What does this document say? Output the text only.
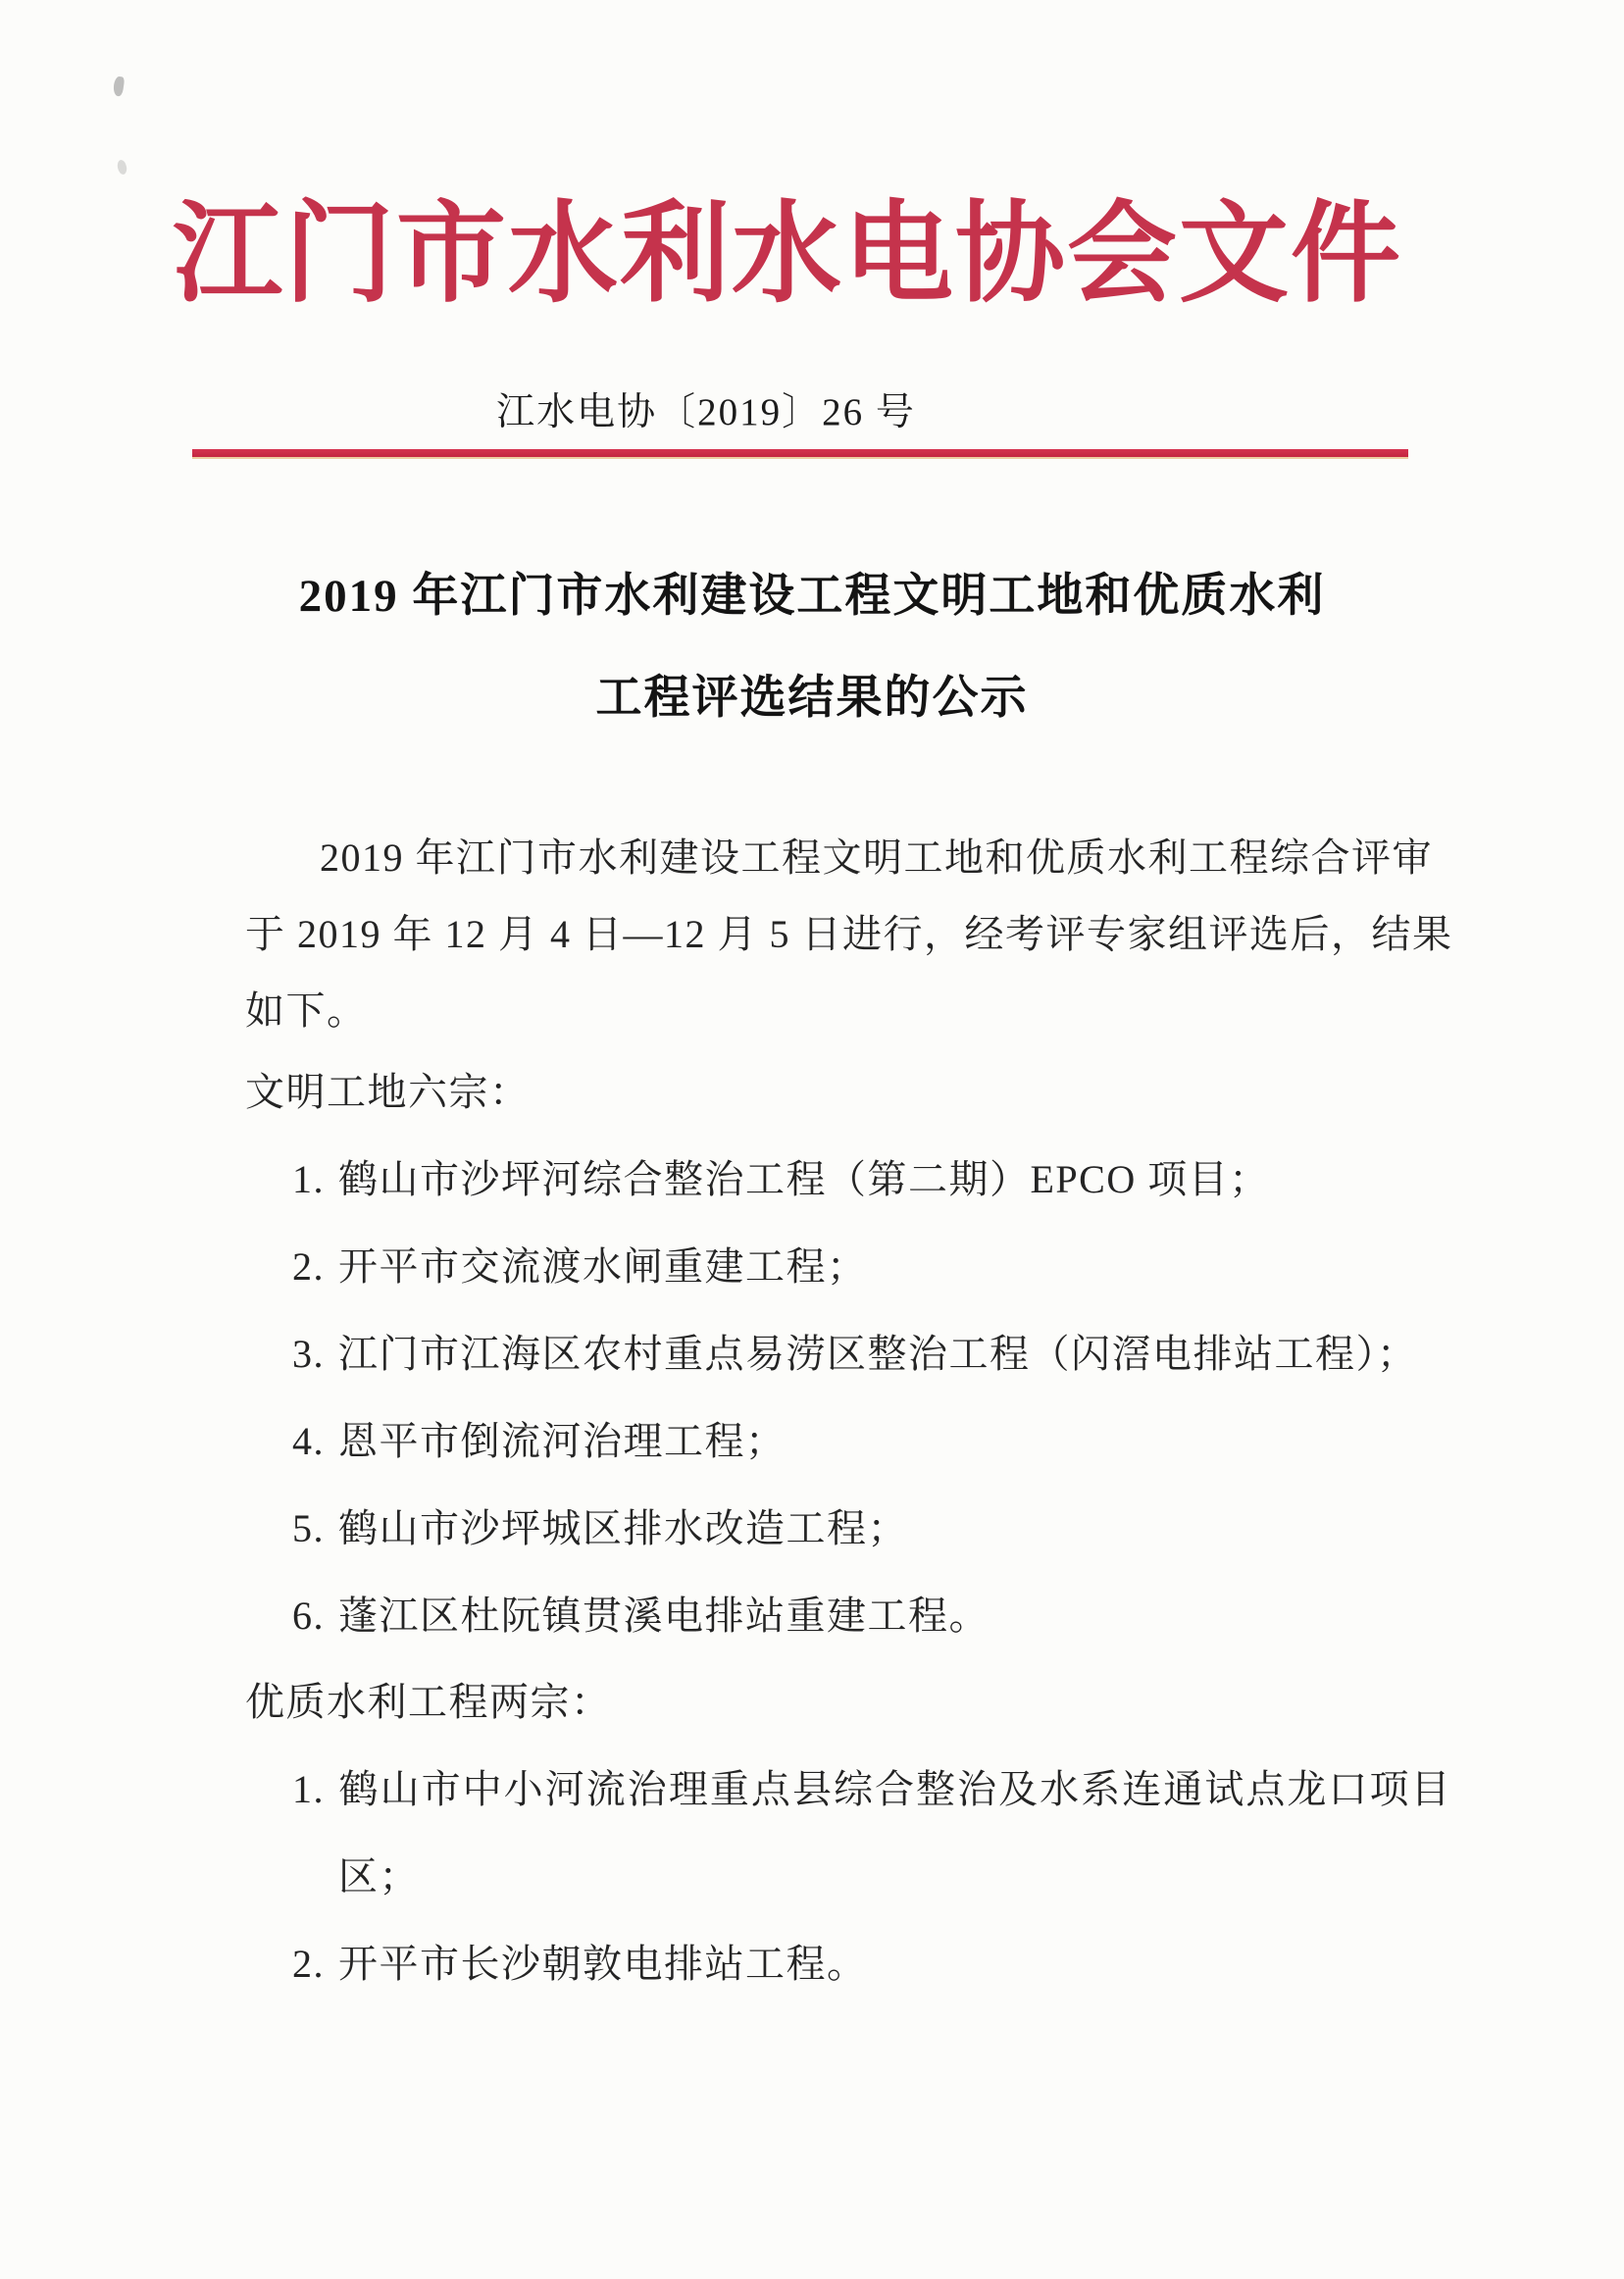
江门市水利水电协会文件
江水电协〔2019〕26 号
2019 年江门市水利建设工程文明工地和优质水利
工程评选结果的公示
2019 年江门市水利建设工程文明工地和优质水利工程综合评审
于 2019 年 12 月 4 日—12 月 5 日进行，经考评专家组评选后，结果
如下。
文明工地六宗：
1. 鹤山市沙坪河综合整治工程（第二期）EPCO 项目；
2. 开平市交流渡水闸重建工程；
3. 江门市江海区农村重点易涝区整治工程（闪滘电排站工程）；
4. 恩平市倒流河治理工程；
5. 鹤山市沙坪城区排水改造工程；
6. 蓬江区杜阮镇贯溪电排站重建工程。
优质水利工程两宗：
1. 鹤山市中小河流治理重点县综合整治及水系连通试点龙口项目区；
2. 开平市长沙朝敦电排站工程。
